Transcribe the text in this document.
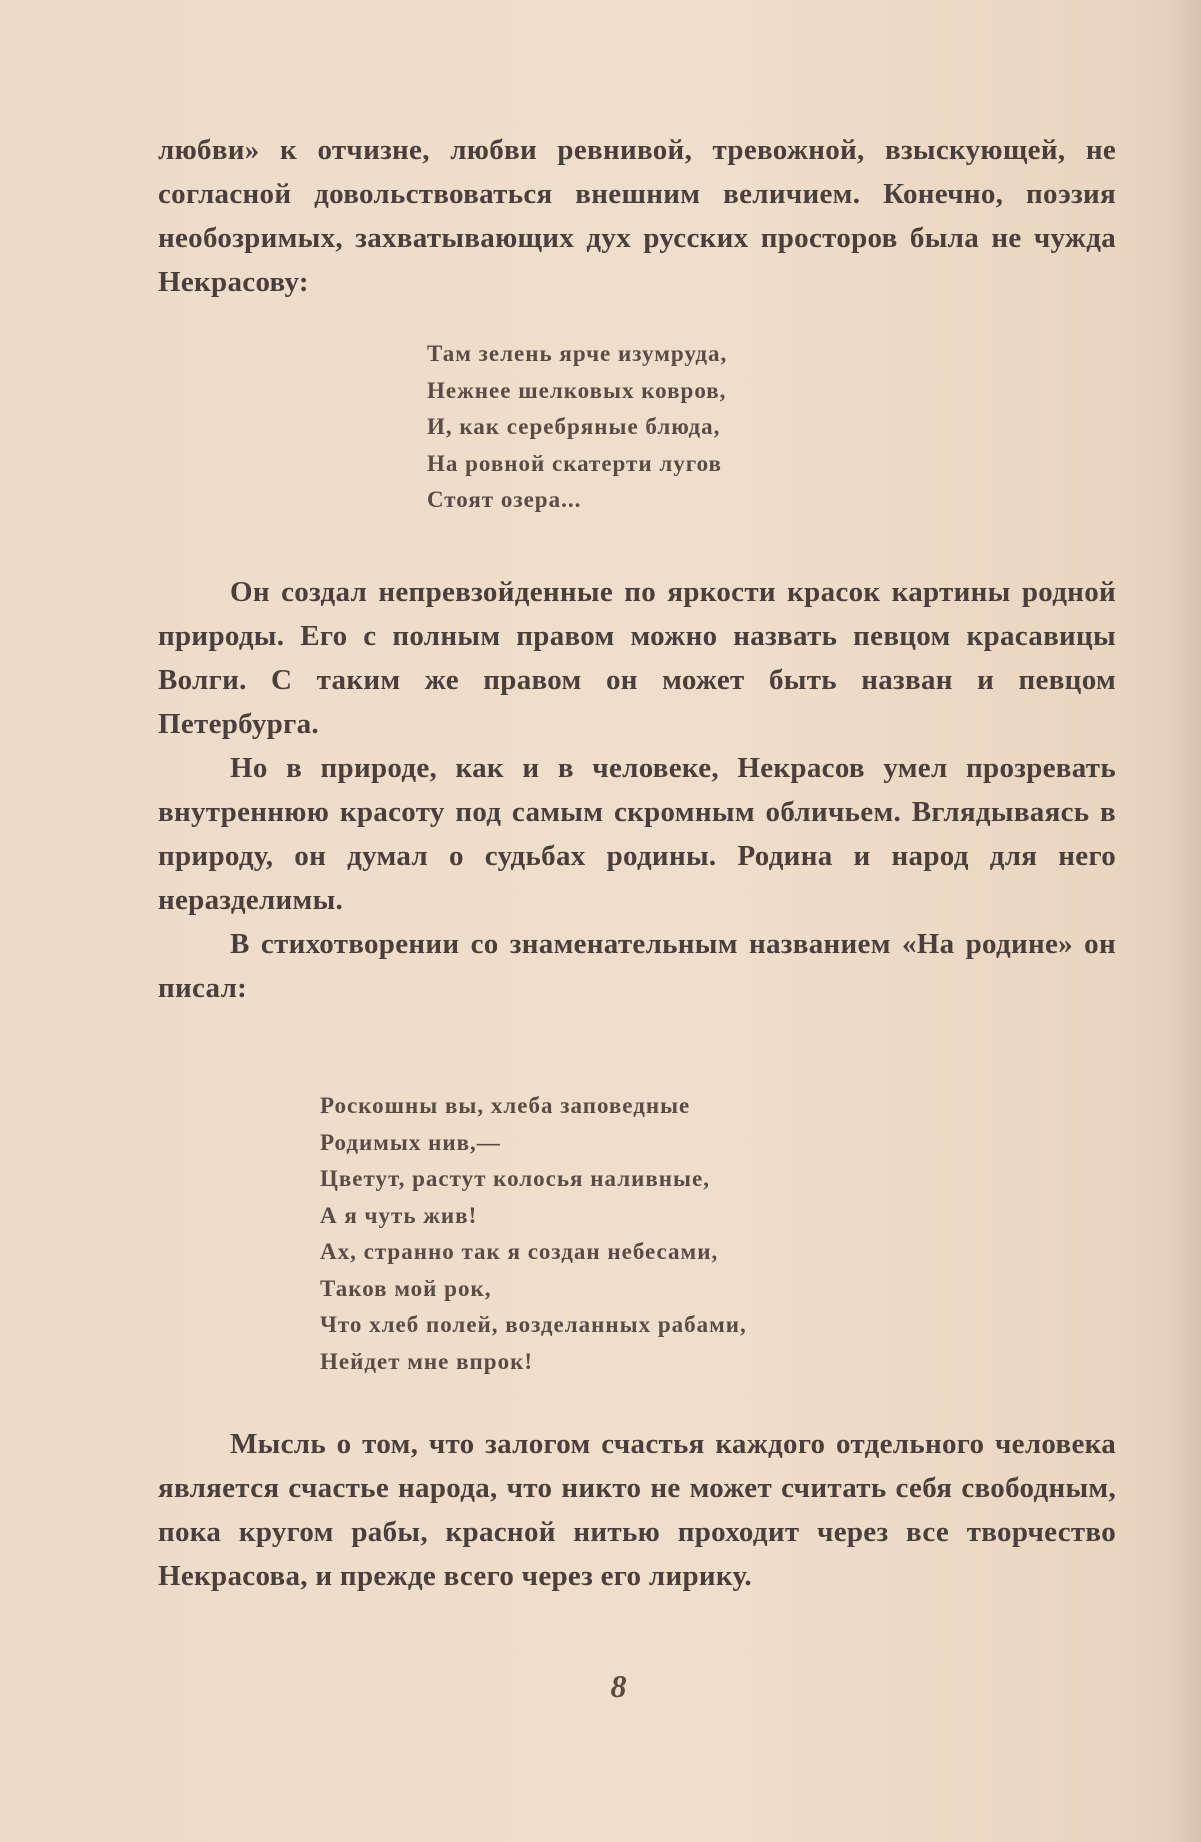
любви» к отчизне, любви ревнивой, тревожной, взыскующей, не согласной довольствоваться внешним величием. Конечно, поэзия необозримых, захватывающих дух русских просторов была не чужда Некрасову:

Там зелень ярче изумруда,
Нежнее шелковых ковров,
И, как серебряные блюда,
На ровной скатерти лугов
Стоят озера...

Он создал непревзойденные по яркости красок картины родной природы. Его с полным правом можно назвать певцом красавицы Волги. С таким же правом он может быть назван и певцом Петербурга.

Но в природе, как и в человеке, Некрасов умел прозревать внутреннюю красоту под самым скромным обличьем. Вглядываясь в природу, он думал о судьбах родины. Родина и народ для него неразделимы.

В стихотворении со знаменательным названием «На родине» он писал:

Роскошны вы, хлеба заповедные
Родимых нив,—
Цветут, растут колосья наливные,
А я чуть жив!
Ах, странно так я создан небесами,
Таков мой рок,
Что хлеб полей, возделанных рабами,
Нейдет мне впрок!

Мысль о том, что залогом счастья каждого отдельного человека является счастье народа, что никто не может считать себя свободным, пока кругом рабы, красной нитью проходит через все творчество Некрасова, и прежде всего через его лирику.

8
